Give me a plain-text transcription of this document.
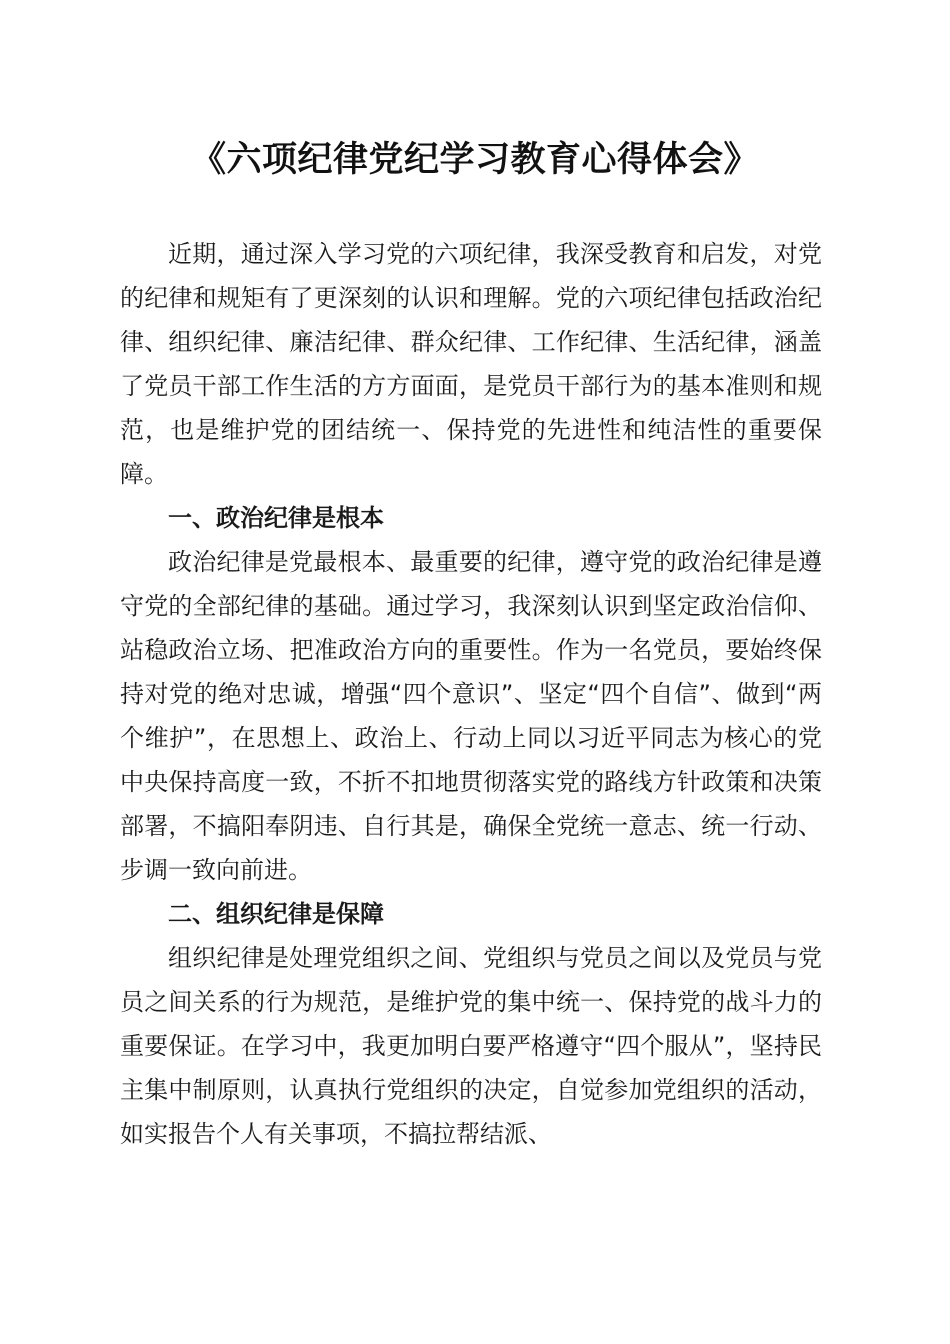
《六项纪律党纪学习教育心得体会》

近期，通过深入学习党的六项纪律，我深受教育和启发，对党的纪律和规矩有了更深刻的认识和理解。党的六项纪律包括政治纪律、组织纪律、廉洁纪律、群众纪律、工作纪律、生活纪律，涵盖了党员干部工作生活的方方面面，是党员干部行为的基本准则和规范，也是维护党的团结统一、保持党的先进性和纯洁性的重要保障。

一、政治纪律是根本

政治纪律是党最根本、最重要的纪律，遵守党的政治纪律是遵守党的全部纪律的基础。通过学习，我深刻认识到坚定政治信仰、站稳政治立场、把准政治方向的重要性。作为一名党员，要始终保持对党的绝对忠诚，增强“四个意识”、坚定“四个自信”、做到“两个维护”，在思想上、政治上、行动上同以习近平同志为核心的党中央保持高度一致，不折不扣地贯彻落实党的路线方针政策和决策部署，不搞阳奉阴违、自行其是，确保全党统一意志、统一行动、步调一致向前进。

二、组织纪律是保障

组织纪律是处理党组织之间、党组织与党员之间以及党员与党员之间关系的行为规范，是维护党的集中统一、保持党的战斗力的重要保证。在学习中，我更加明白要严格遵守“四个服从”，坚持民主集中制原则，认真执行党组织的决定，自觉参加党组织的活动，如实报告个人有关事项，不搞拉帮结派、
